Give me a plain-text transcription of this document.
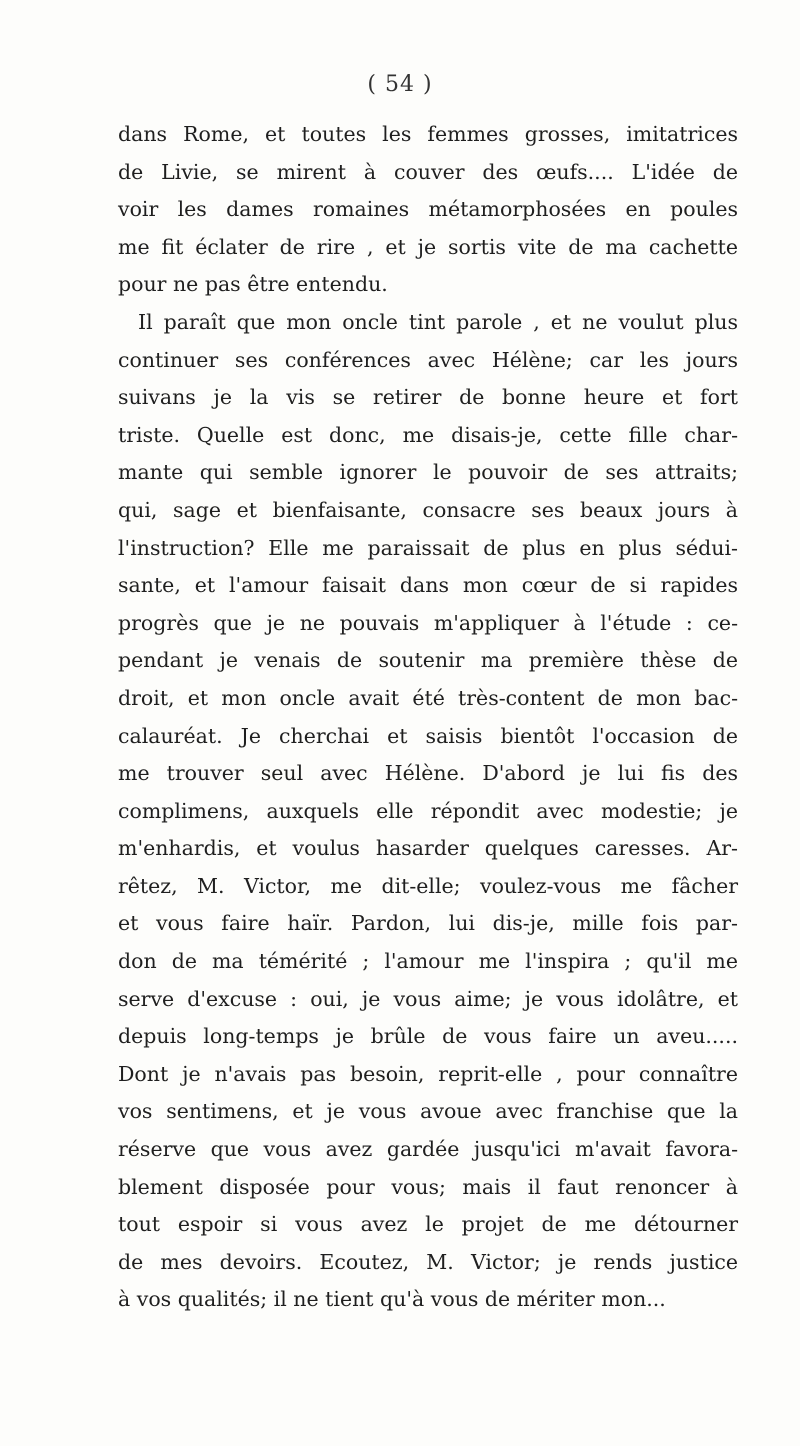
( 54 )
dans Rome, et toutes les femmes grosses, imitatrices
de Livie, se mirent à couver des œufs.... L'idée de
voir les dames romaines métamorphosées en poules
me fit éclater de rire , et je sortis vite de ma cachette
pour ne pas être entendu.
Il paraît que mon oncle tint parole , et ne voulut plus
continuer ses conférences avec Hélène; car les jours
suivans je la vis se retirer de bonne heure et fort
triste. Quelle est donc, me disais-je, cette fille char-
mante qui semble ignorer le pouvoir de ses attraits;
qui, sage et bienfaisante, consacre ses beaux jours à
l'instruction? Elle me paraissait de plus en plus sédui-
sante, et l'amour faisait dans mon cœur de si rapides
progrès que je ne pouvais m'appliquer à l'étude : ce-
pendant je venais de soutenir ma première thèse de
droit, et mon oncle avait été très-content de mon bac-
calauréat. Je cherchai et saisis bientôt l'occasion de
me trouver seul avec Hélène. D'abord je lui fis des
complimens, auxquels elle répondit avec modestie; je
m'enhardis, et voulus hasarder quelques caresses. Ar-
rêtez, M. Victor, me dit-elle; voulez-vous me fâcher
et vous faire haïr. Pardon, lui dis-je, mille fois par-
don de ma témérité ; l'amour me l'inspira ; qu'il me
serve d'excuse : oui, je vous aime; je vous idolâtre, et
depuis long-temps je brûle de vous faire un aveu.....
Dont je n'avais pas besoin, reprit-elle , pour connaître
vos sentimens, et je vous avoue avec franchise que la
réserve que vous avez gardée jusqu'ici m'avait favora-
blement disposée pour vous; mais il faut renoncer à
tout espoir si vous avez le projet de me détourner
de mes devoirs. Ecoutez, M. Victor; je rends justice
à vos qualités; il ne tient qu'à vous de mériter mon...
